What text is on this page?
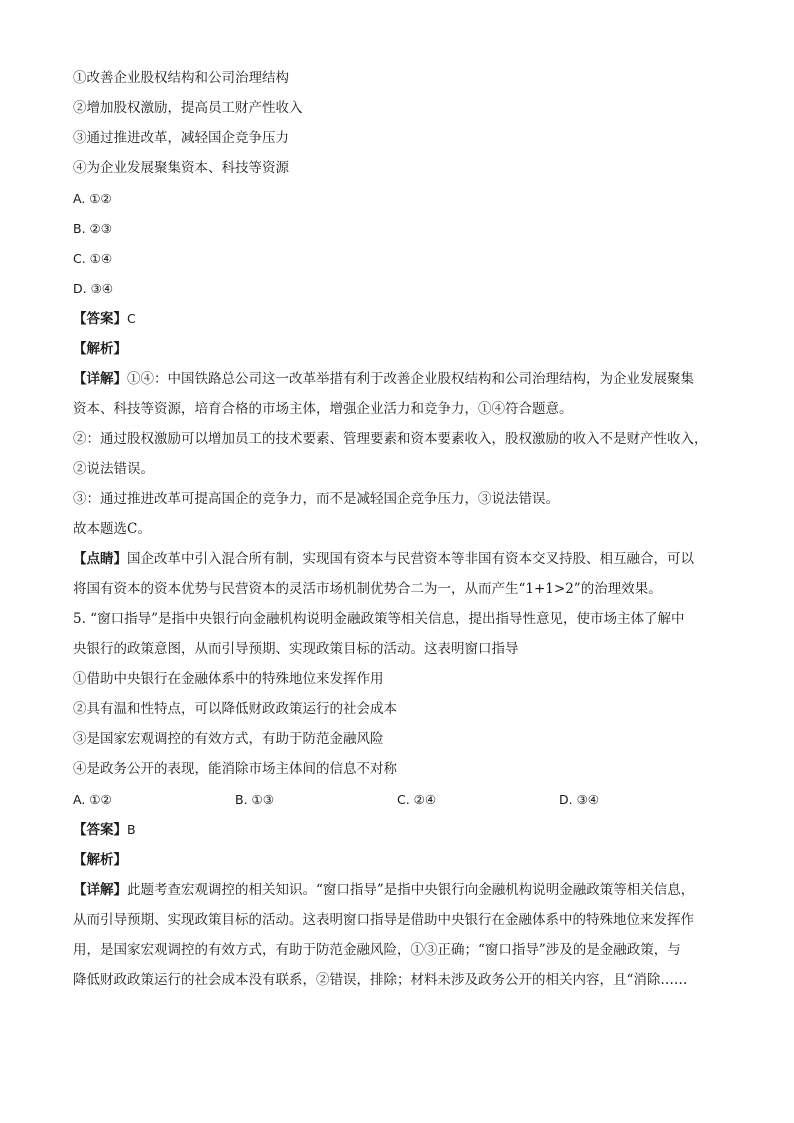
①改善企业股权结构和公司治理结构

②增加股权激励，提高员工财产性收入

③通过推进改革，减轻国企竞争压力

④为企业发展聚集资本、科技等资源

A. ①②

B. ②③

C. ①④

D. ③④

【答案】C

【解析】

【详解】①④：中国铁路总公司这一改革举措有利于改善企业股权结构和公司治理结构，为企业发展聚集

资本、科技等资源，培育合格的市场主体，增强企业活力和竞争力，①④符合题意。

②：通过股权激励可以增加员工的技术要素、管理要素和资本要素收入，股权激励的收入不是财产性收入，

②说法错误。

③：通过推进改革可提高国企的竞争力，而不是减轻国企竞争压力，③说法错误。

故本题选C。

【点睛】国企改革中引入混合所有制，实现国有资本与民营资本等非国有资本交叉持股、相互融合，可以

将国有资本的资本优势与民营资本的灵活市场机制优势合二为一，从而产生“1+1>2”的治理效果。

5. “窗口指导”是指中央银行向金融机构说明金融政策等相关信息，提出指导性意见，使市场主体了解中

央银行的政策意图，从而引导预期、实现政策目标的活动。这表明窗口指导

①借助中央银行在金融体系中的特殊地位来发挥作用

②具有温和性特点，可以降低财政政策运行的社会成本

③是国家宏观调控的有效方式，有助于防范金融风险

④是政务公开的表现，能消除市场主体间的信息不对称

A. ①②	B. ①③	C. ②④	D. ③④

【答案】B

【解析】

【详解】此题考查宏观调控的相关知识。“窗口指导”是指中央银行向金融机构说明金融政策等相关信息，

从而引导预期、实现政策目标的活动。这表明窗口指导是借助中央银行在金融体系中的特殊地位来发挥作

用，是国家宏观调控的有效方式，有助于防范金融风险，①③正确；“窗口指导”涉及的是金融政策，与

降低财政政策运行的社会成本没有联系，②错误，排除；材料未涉及政务公开的相关内容，且“消除……
